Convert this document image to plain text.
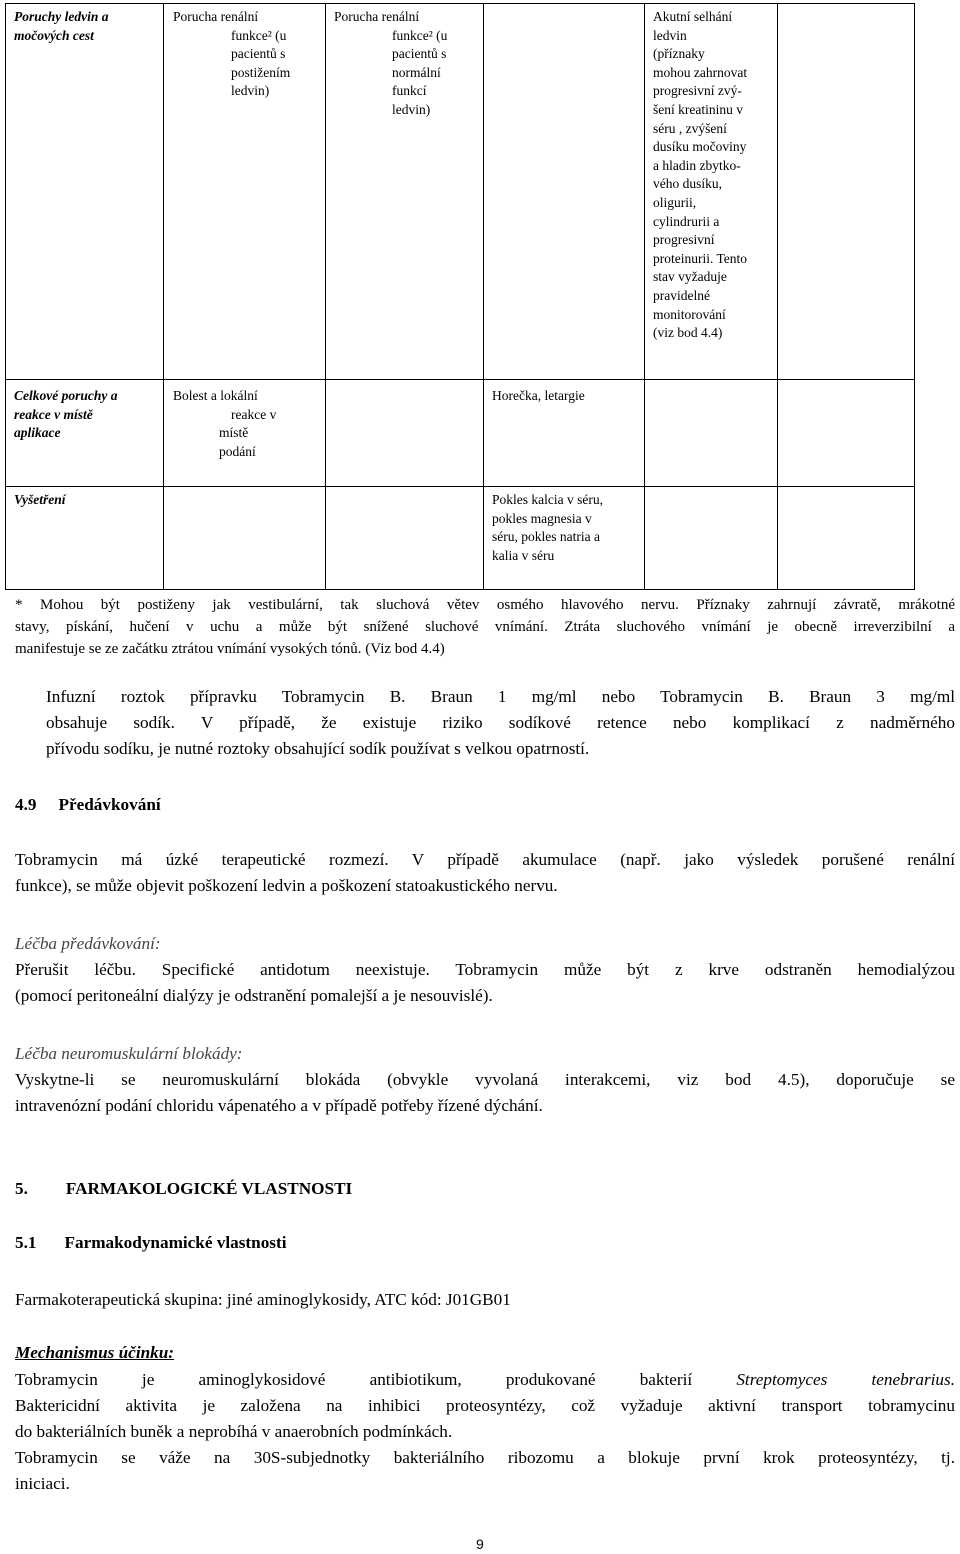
Poruchy ledvin a
močových cest
Porucha renální
funkce² (u
pacientů s
postižením
ledvin)
Porucha renální
funkce² (u
pacientů s
normální
funkcí
ledvin)
Akutní selhání
ledvin
(příznaky
mohou zahrnovat
progresivní zvý-
šení kreatininu v
séru , zvýšení
dusíku močoviny
a hladin zbytko-
vého dusíku,
oligurii,
cylindrurii a
progresivní
proteinurii. Tento
stav vyžaduje
pravidelné
monitorování
(viz bod 4.4)
Celkové poruchy a
reakce v místě
aplikace
Bolest a lokální
reakce v
místě
podání
Horečka, letargie
Vyšetření	Pokles kalcia v séru,
pokles magnesia v
séru, pokles natria a
kalia v séru
* Mohou být postiženy jak vestibulární, tak sluchová větev osmého hlavového nervu. Příznaky zahrnují závratě, mrákotné
stavy, pískání, hučení v uchu a může být snížené sluchové vnímání. Ztráta sluchového vnímání je obecně irreverzibilní a
manifestuje se ze začátku ztrátou vnímání vysokých tónů. (Viz bod 4.4)
Infuzní roztok přípravku Tobramycin B. Braun 1 mg/ml nebo Tobramycin B. Braun 3 mg/ml
obsahuje sodík. V případě, že existuje riziko sodíkové retence nebo komplikací z nadměrného
přívodu sodíku, je nutné roztoky obsahující sodík používat s velkou opatrností.
4.9 Předávkování
Tobramycin má úzké terapeutické rozmezí. V případě akumulace (např. jako výsledek porušené renální
funkce), se může objevit poškození ledvin a poškození statoakustického nervu.
Léčba předávkování:
Přerušit léčbu. Specifické antidotum neexistuje. Tobramycin může být z krve odstraněn hemodialýzou
(pomocí peritoneální dialýzy je odstranění pomalejší a je nesouvislé).
Léčba neuromuskulární blokády:
Vyskytne-li se neuromuskulární blokáda (obvykle vyvolaná interakcemi, viz bod 4.5), doporučuje se
intravenózní podání chloridu vápenatého a v případě potřeby řízené dýchání.
5. FARMAKOLOGICKÉ VLASTNOSTI
5.1 Farmakodynamické vlastnosti
Farmakoterapeutická skupina: jiné aminoglykosidy, ATC kód: J01GB01
Mechanismus účinku:
Tobramycin je aminoglykosidové antibiotikum, produkované bakterií Streptomyces tenebrarius.
Baktericidní aktivita je založena na inhibici proteosyntézy, což vyžaduje aktivní transport tobramycinu
do bakteriálních buněk a neprobíhá v anaerobních podmínkách.
Tobramycin se váže na 30S-subjednotky bakteriálního ribozomu a blokuje první krok proteosyntézy, tj.
iniciaci.
9
